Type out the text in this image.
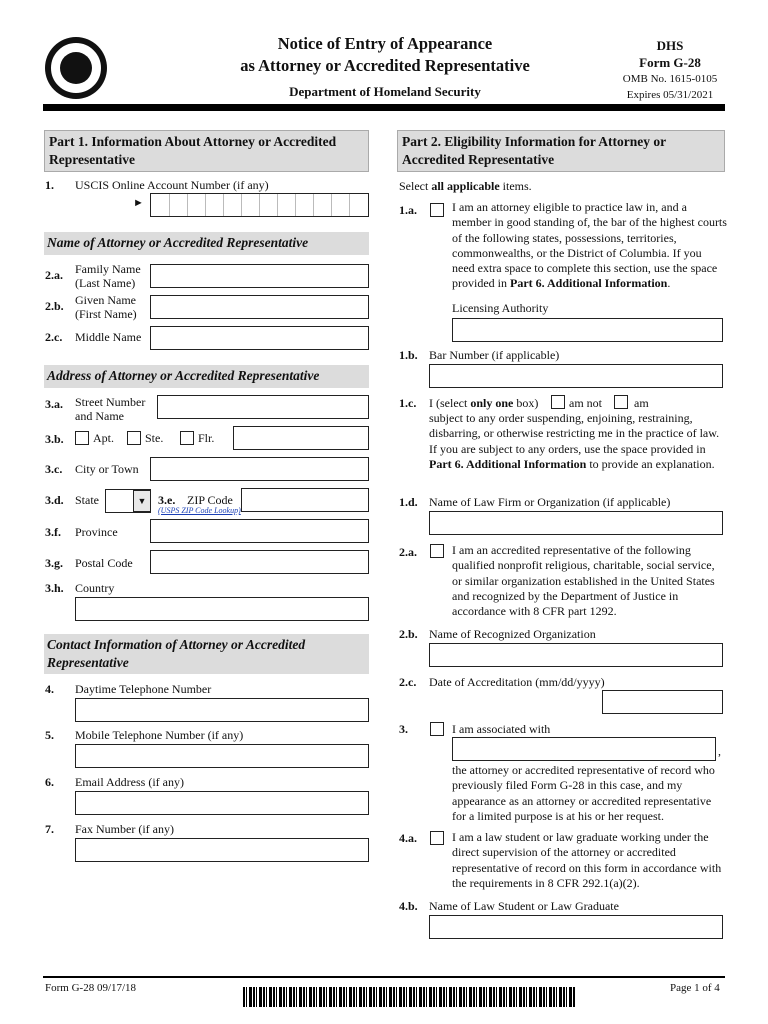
Notice of Entry of Appearance
as Attorney or Accredited Representative
Department of Homeland Security
DHS
Form G-28
OMB No. 1615-0105
Expires 05/31/2021
Part 1. Information About Attorney or Accredited Representative
1. USCIS Online Account Number (if any)
►
Name of Attorney or Accredited Representative
2.a. Family Name (Last Name)
2.b. Given Name (First Name)
2.c. Middle Name
Address of Attorney or Accredited Representative
3.a. Street Number and Name
3.b. Apt.	Ste.	Flr.
3.c. City or Town
3.d. State	▼ 3.e. ZIP Code
(USPS ZIP Code Lookup)
3.f. Province
3.g. Postal Code
3.h. Country
Contact Information of Attorney or Accredited Representative
4. Daytime Telephone Number
5. Mobile Telephone Number (if any)
6. Email Address (if any)
7. Fax Number (if any)
Part 2. Eligibility Information for Attorney or Accredited Representative
Select all applicable items.
1.a.	I am an attorney eligible to practice law in, and a member in good standing of, the bar of the highest courts of the following states, possessions, territories, commonwealths, or the District of Columbia. If you need extra space to complete this section, use the space provided in Part 6. Additional Information.
Licensing Authority
1.b. Bar Number (if applicable)
1.c. I (select only one box)	am not	am
subject to any order suspending, enjoining, restraining, disbarring, or otherwise restricting me in the practice of law. If you are subject to any orders, use the space provided in Part 6. Additional Information to provide an explanation.
1.d. Name of Law Firm or Organization (if applicable)
2.a.	I am an accredited representative of the following qualified nonprofit religious, charitable, social service, or similar organization established in the United States and recognized by the Department of Justice in accordance with 8 CFR part 1292.
2.b. Name of Recognized Organization
2.c. Date of Accreditation (mm/dd/yyyy)
3.	I am associated with
,
the attorney or accredited representative of record who previously filed Form G-28 in this case, and my appearance as an attorney or accredited representative for a limited purpose is at his or her request.
4.a.	I am a law student or law graduate working under the direct supervision of the attorney or accredited representative of record on this form in accordance with the requirements in 8 CFR 292.1(a)(2).
4.b. Name of Law Student or Law Graduate
Form G-28 09/17/18	Page 1 of 4
